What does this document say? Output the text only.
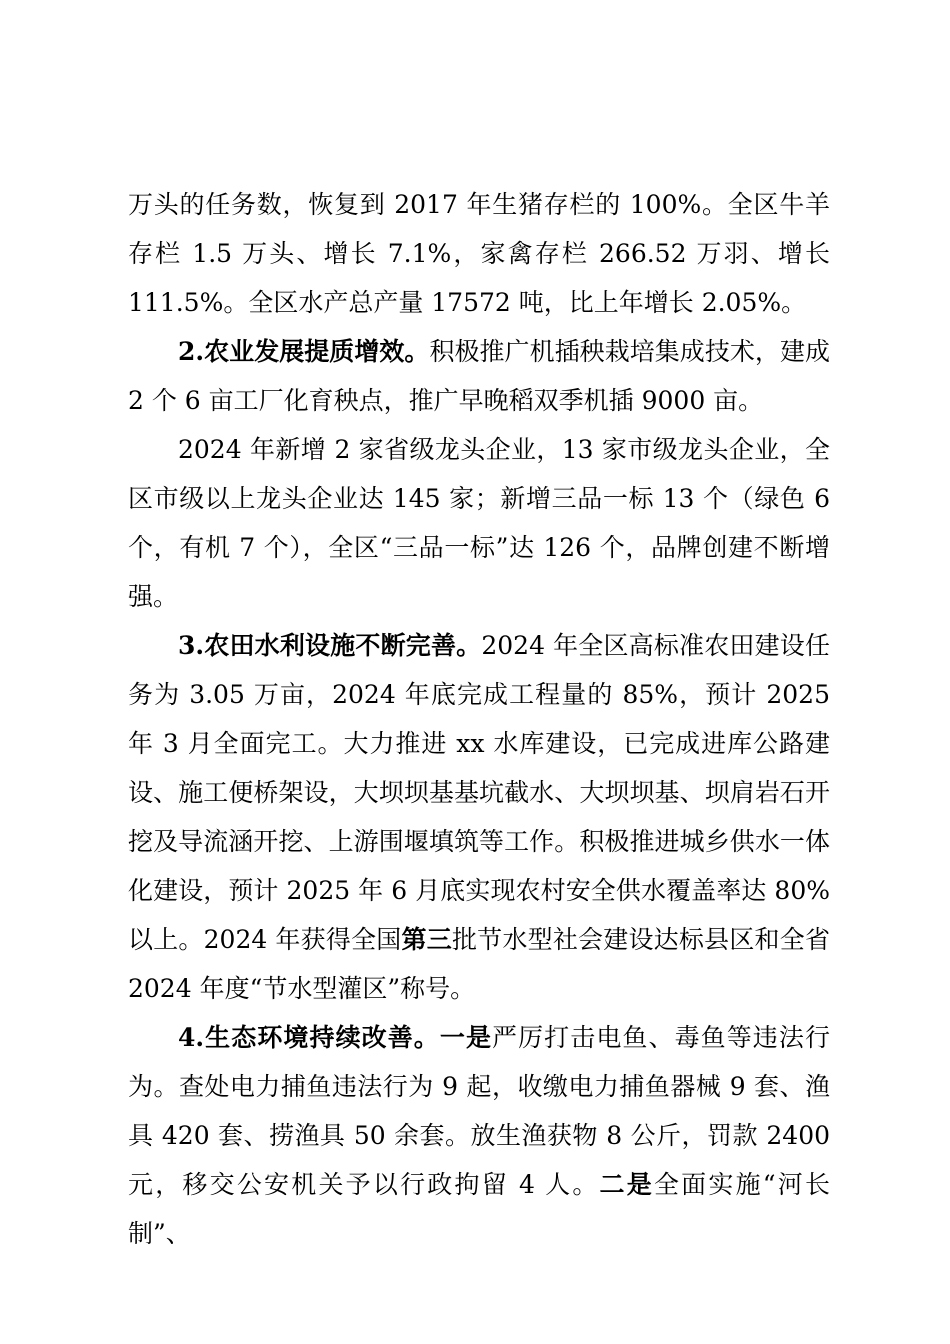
万头的任务数，恢复到 2017 年生猪存栏的 100%。全区牛羊存栏 1.5 万头、增长 7.1%，家禽存栏 266.52 万羽、增长 111.5%。全区水产总产量 17572 吨，比上年增长 2.05%。

2.农业发展提质增效。积极推广机插秧栽培集成技术，建成 2 个 6 亩工厂化育秧点，推广早晚稻双季机插 9000 亩。

2024 年新增 2 家省级龙头企业，13 家市级龙头企业，全区市级以上龙头企业达 145 家；新增三品一标 13 个（绿色 6 个，有机 7 个），全区“三品一标”达 126 个，品牌创建不断增强。

3.农田水利设施不断完善。2024 年全区高标准农田建设任务为 3.05 万亩，2024 年底完成工程量的 85%，预计 2025 年 3 月全面完工。大力推进 xx 水库建设，已完成进库公路建设、施工便桥架设，大坝坝基基坑截水、大坝坝基、坝肩岩石开挖及导流涵开挖、上游围堰填筑等工作。积极推进城乡供水一体化建设，预计 2025 年 6 月底实现农村安全供水覆盖率达 80%以上。2024 年获得全国第三批节水型社会建设达标县区和全省 2024 年度“节水型灌区”称号。

4.生态环境持续改善。一是严厉打击电鱼、毒鱼等违法行为。查处电力捕鱼违法行为 9 起，收缴电力捕鱼器械 9 套、渔具 420 套、捞渔具 50 余套。放生渔获物 8 公斤，罚款 2400 元，移交公安机关予以行政拘留 4 人。二是全面实施“河长制”、
